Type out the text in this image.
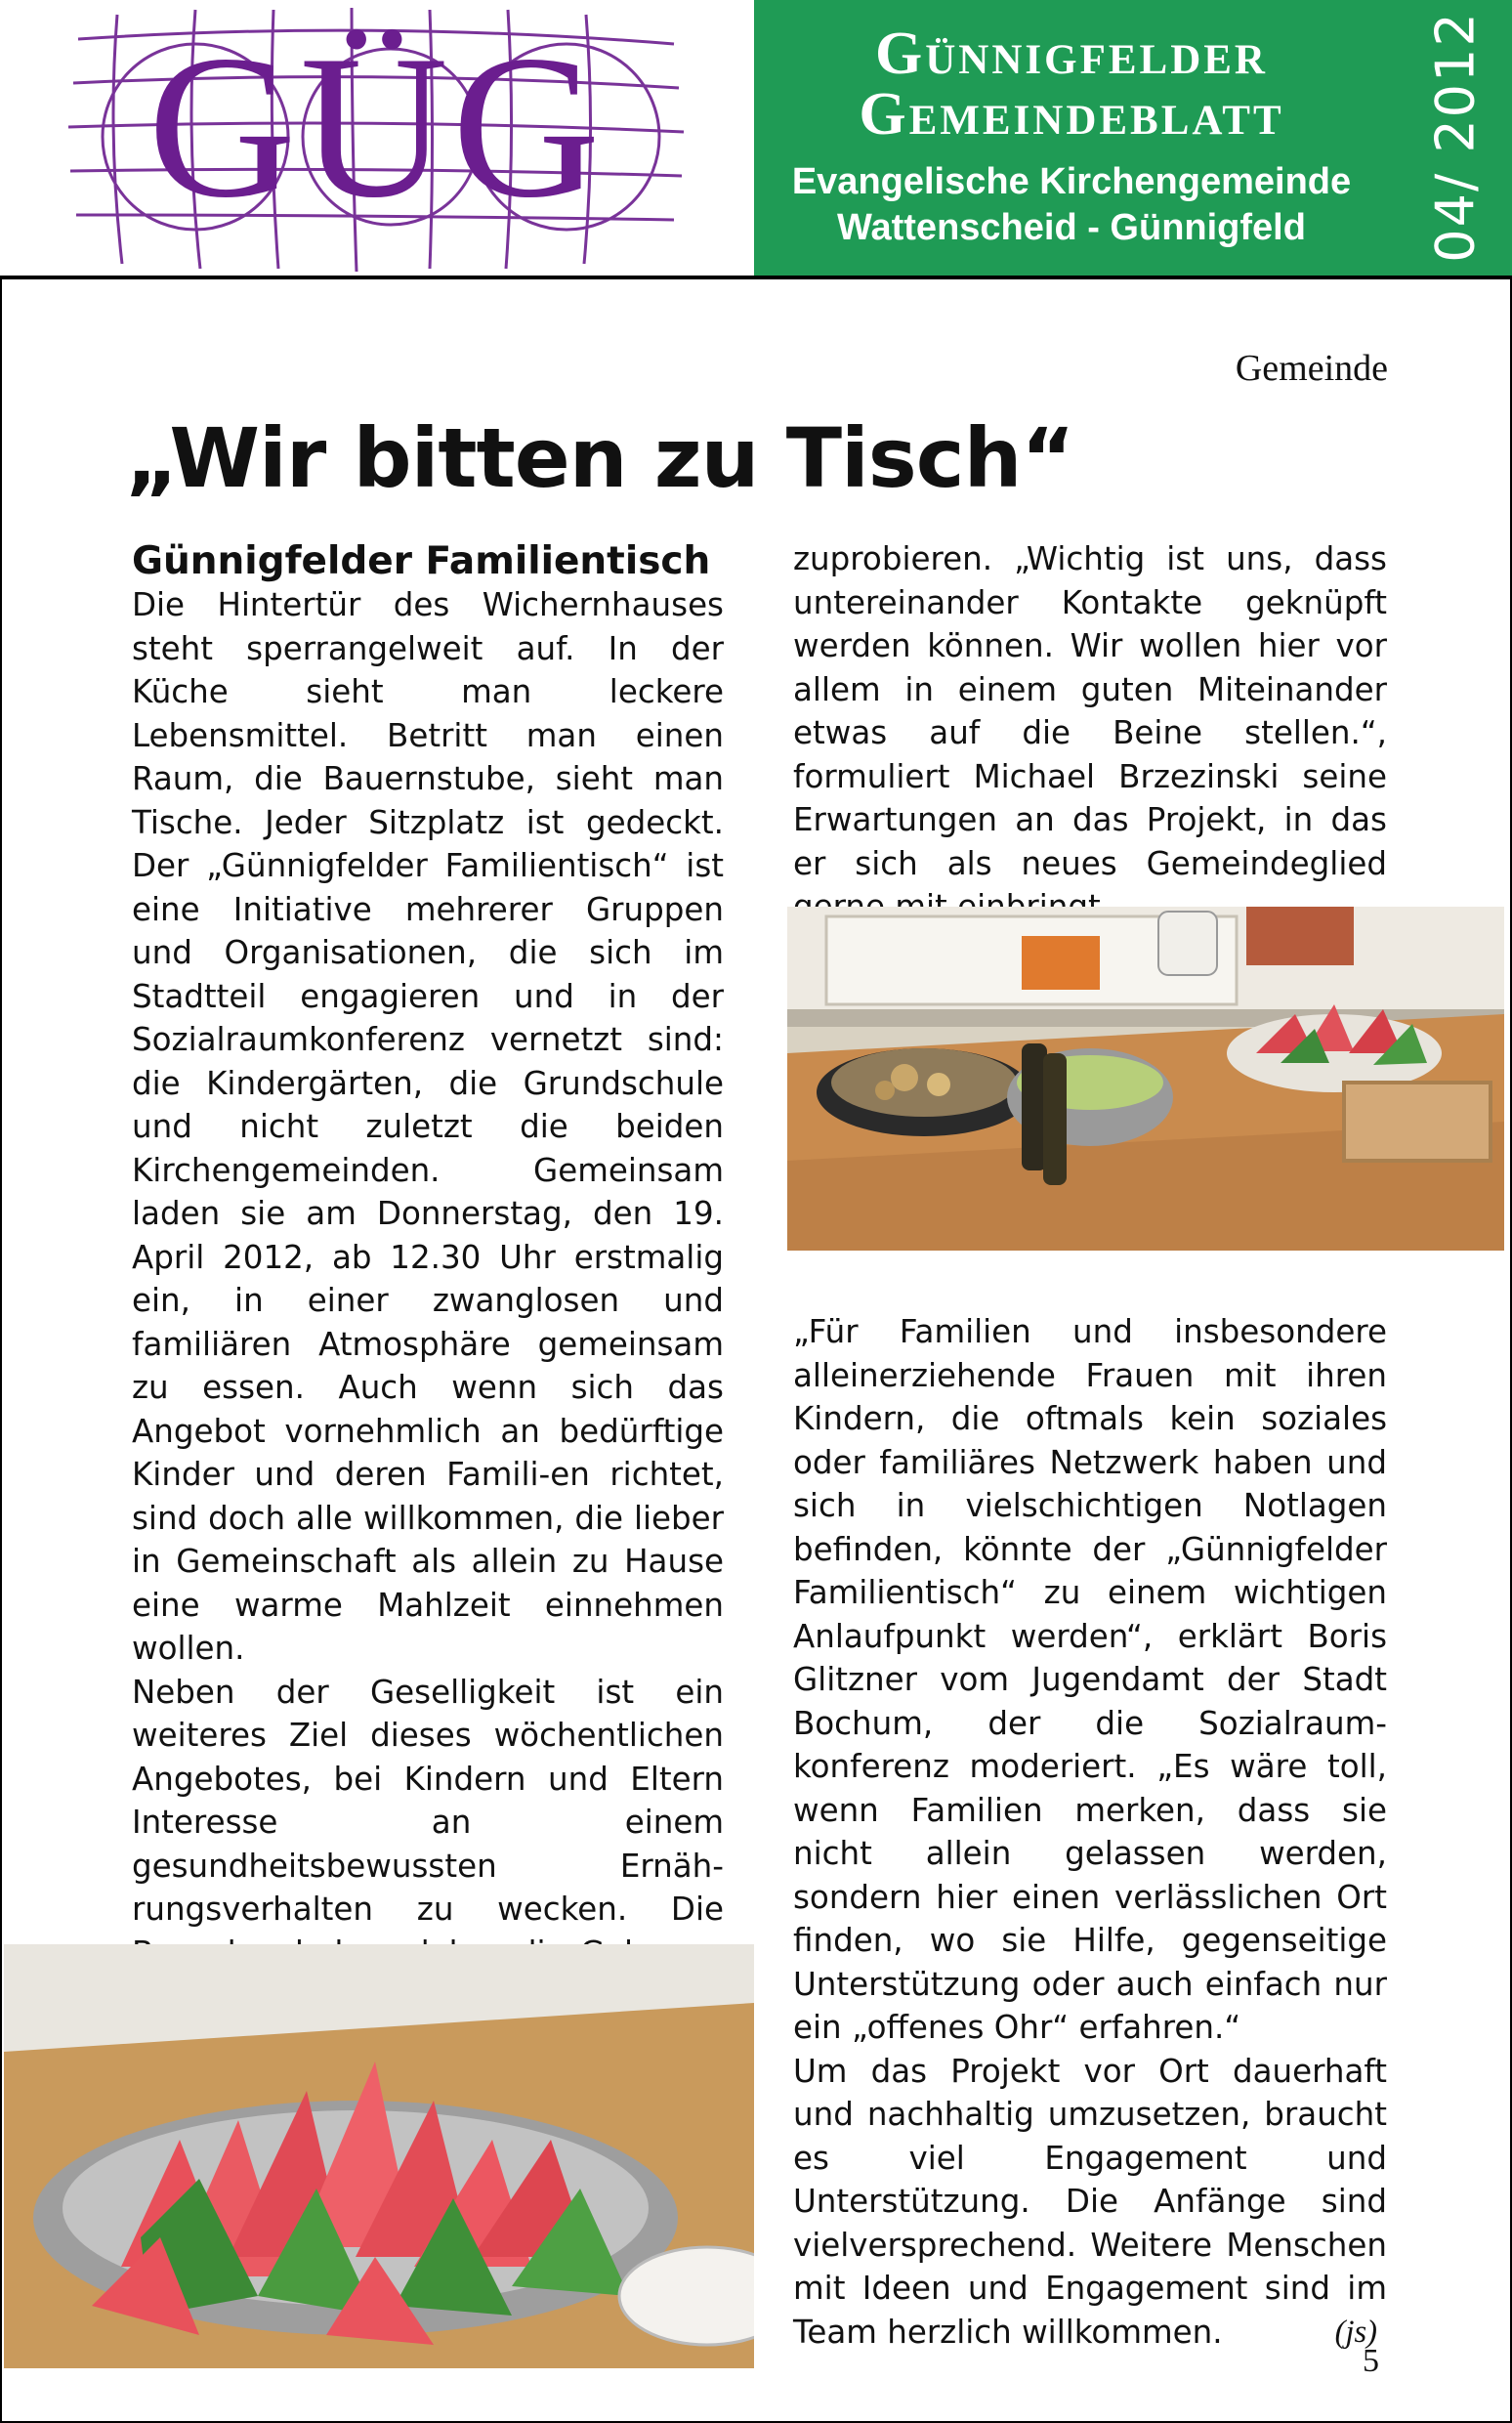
GÜG	Günnigfelder
Gemeindeblatt
Evangelische Kirchengemeinde
Wattenscheid - Günnigfeld	04/ 2012
Gemeinde
„Wir bitten zu Tisch“
Günnigfelder Familientisch

Die Hintertür des Wichernhauses steht sperrangelweit auf. In der Küche sieht man leckere Lebensmittel. Betritt man einen Raum, die Bauernstube, sieht man Tische. Jeder Sitzplatz ist gedeckt. Der „Günnigfelder Familientisch“ ist eine Initiative mehrerer Gruppen und Organisationen, die sich im Stadtteil engagieren und in der Sozialraumkonferenz vernetzt sind: die Kindergärten, die Grundschule und nicht zuletzt die beiden Kirchengemeinden. Gemeinsam laden sie am Donnerstag, den 19. April 2012, ab 12.30 Uhr erstmalig ein, in einer zwanglosen und familiären Atmosphäre gemeinsam zu essen. Auch wenn sich das Angebot vornehmlich an bedürftige Kinder und deren Famili-en richtet, sind doch alle willkommen, die lieber in Gemeinschaft als allein zu Hause eine warme Mahlzeit einnehmen wollen.

Neben der Geselligkeit ist ein weiteres Ziel dieses wöchentlichen Angebotes, bei Kindern und Eltern Interesse an einem gesundheitsbewussten Ernährungsverhalten zu wecken. Die

zuprobieren. „Wichtig ist uns, dass untereinander Kontakte geknüpft werden können. Wir wollen hier vor allem in einem guten Miteinander etwas auf die Beine stellen.“, formuliert Michael Brzezinski seine Erwartungen an das Projekt, in das er sich als neues Gemeindeglied

„Für Familien und insbesondere alleinerziehende Frauen mit ihren Kindern, die oftmals kein soziales oder familiäres Netzwerk haben und sich in vielschichtigen Notlagen befinden, könnte der „Günnigfelder Familientisch“ zu einem wichtigen Anlaufpunkt werden“, erklärt Boris Glitzner vom Jugendamt der Stadt Bochum, der die Sozialraumkonferenz moderiert. „Es wäre toll, wenn Familien merken, dass sie nicht allein gelassen werden, sondern hier einen verlässlichen Ort finden, wo sie Hilfe, gegenseitige Unterstützung oder auch einfach nur ein „offenes Ohr“ erfahren.“

Um das Projekt vor Ort dauerhaft und nachhaltig umzusetzen, braucht es viel Engagement und Unterstützung. Die Anfänge sind vielversprechend. Weitere Menschen mit Ideen und Engagement sind im Team herzlich willkommen.	(js)

5
